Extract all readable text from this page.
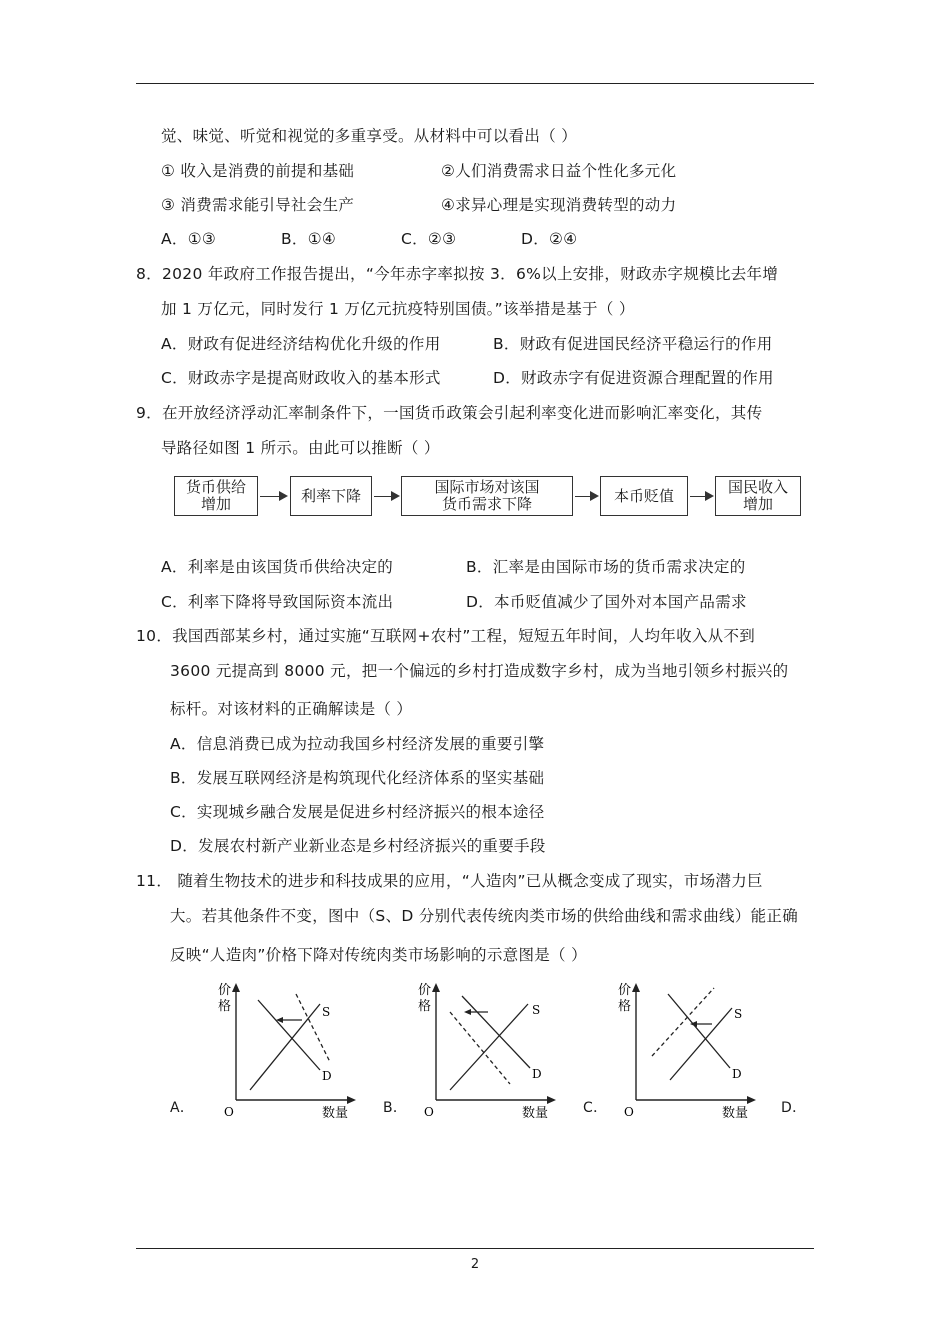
觉、味觉、听觉和视觉的多重享受。从材料中可以看出（ ）
① 收入是消费的前提和基础	②人们消费需求日益个性化多元化
③ 消费需求能引导社会生产	④求异心理是实现消费转型的动力
A．①③	B．①④	C．②③	D．②④
8．2020 年政府工作报告提出，“今年赤字率拟按 3．6%以上安排，财政赤字规模比去年增
加 1 万亿元，同时发行 1 万亿元抗疫特别国债。”该举措是基于（ ）
A．财政有促进经济结构优化升级的作用	B．财政有促进国民经济平稳运行的作用
C．财政赤字是提高财政收入的基本形式	D．财政赤字有促进资源合理配置的作用
9．在开放经济浮动汇率制条件下，一国货币政策会引起利率变化进而影响汇率变化，其传
导路径如图 1 所示。由此可以推断（ ）
货币供给
增加	利率下降	国际市场对该国
货币需求下降	本币贬值	国民收入
增加
A．利率是由该国货币供给决定的	B．汇率是由国际市场的货币需求决定的
C．利率下降将导致国际资本流出	D．本币贬值减少了国外对本国产品需求
10．我国西部某乡村，通过实施“互联网+农村”工程，短短五年时间，人均年收入从不到
3600 元提高到 8000 元，把一个偏远的乡村打造成数字乡村，成为当地引领乡村振兴的
标杆。对该材料的正确解读是（ ）
A．信息消费已成为拉动我国乡村经济发展的重要引擎
B．发展互联网经济是构筑现代化经济体系的坚实基础
C．实现城乡融合发展是促进乡村经济振兴的根本途径
D．发展农村新产业新业态是乡村经济振兴的重要手段
11． 随着生物技术的进步和科技成果的应用，“人造肉”已从概念变成了现实，市场潜力巨
大。若其他条件不变，图中（S、D 分别代表传统肉类市场的供给曲线和需求曲线）能正确
反映“人造肉”价格下降对传统肉类市场影响的示意图是（ ）
价
格
O	数量
S
D
A．
价
格
O	数量
S
D
B．
价
格
O	数量
S
D
C．	D．
2
